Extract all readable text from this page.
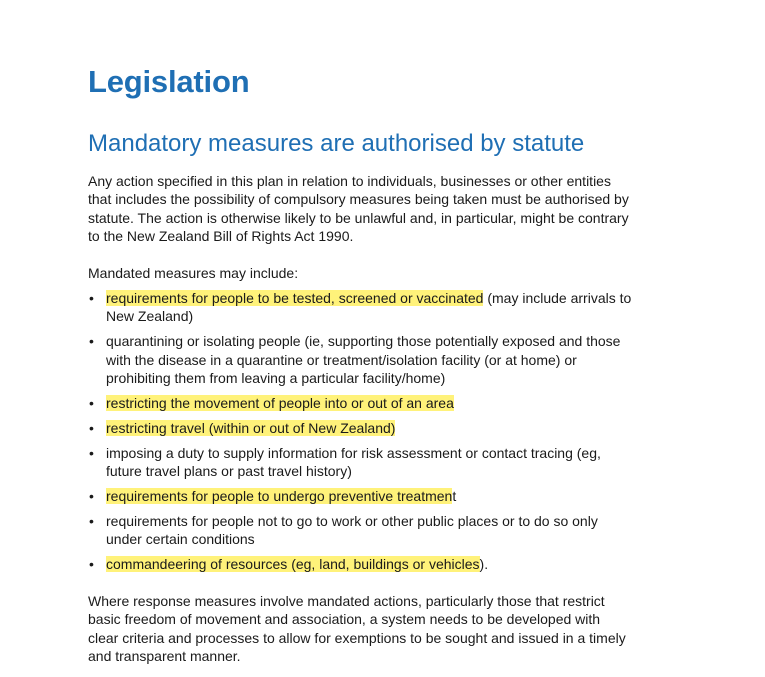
Legislation
Mandatory measures are authorised by statute

Any action specified in this plan in relation to individuals, businesses or other entities that includes the possibility of compulsory measures being taken must be authorised by statute. The action is otherwise likely to be unlawful and, in particular, might be contrary to the New Zealand Bill of Rights Act 1990.

Mandated measures may include:

• requirements for people to be tested, screened or vaccinated (may include arrivals to New Zealand)
• quarantining or isolating people (ie, supporting those potentially exposed and those with the disease in a quarantine or treatment/isolation facility (or at home) or prohibiting them from leaving a particular facility/home)
• restricting the movement of people into or out of an area
• restricting travel (within or out of New Zealand)
• imposing a duty to supply information for risk assessment or contact tracing (eg, future travel plans or past travel history)
• requirements for people to undergo preventive treatment
• requirements for people not to go to work or other public places or to do so only under certain conditions
• commandeering of resources (eg, land, buildings or vehicles).

Where response measures involve mandated actions, particularly those that restrict basic freedom of movement and association, a system needs to be developed with clear criteria and processes to allow for exemptions to be sought and issued in a timely and transparent manner.
